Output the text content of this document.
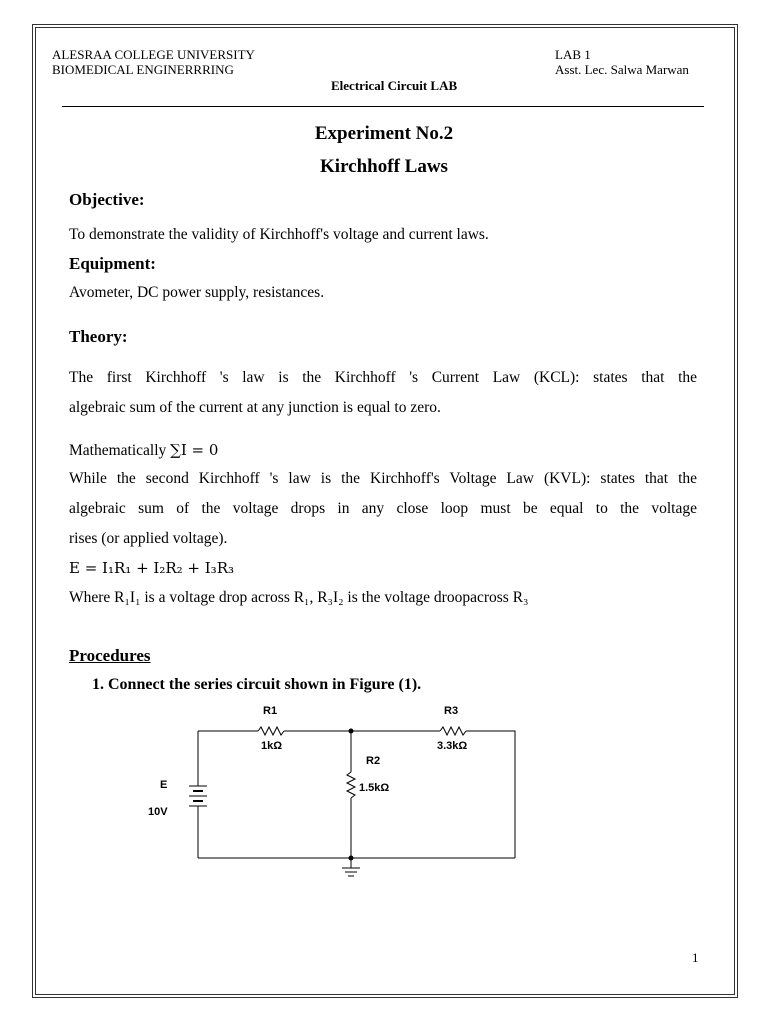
ALESRAA COLLEGE UNIVERSITY
BIOMEDICAL ENGINERRRING
LAB 1
Asst. Lec. Salwa Marwan
Electrical Circuit LAB
Experiment No.2
Kirchhoff Laws
Objective:
To demonstrate the validity of Kirchhoff's voltage and current laws.
Equipment:
Avometer, DC power supply, resistances.
Theory:
The first Kirchhoff 's law is the Kirchhoff 's Current Law (KCL): states that the
algebraic sum of the current at any junction is equal to zero.
Mathematically ∑I = 0
While the second Kirchhoff 's law is the Kirchhoff's Voltage Law (KVL): states that the
algebraic sum of the voltage drops in any close loop must be equal to the voltage
rises (or applied voltage).
E = I₁R₁ + I₂R₂ + I₃R₃
Where R₁I₁ is a voltage drop across R₁, R₃I₂ is the voltage droopacross R₃
Procedures
1. Connect the series circuit shown in Figure (1).
R1
1kΩ
R3
3.3kΩ
R2
1.5kΩ
E
10V
1
